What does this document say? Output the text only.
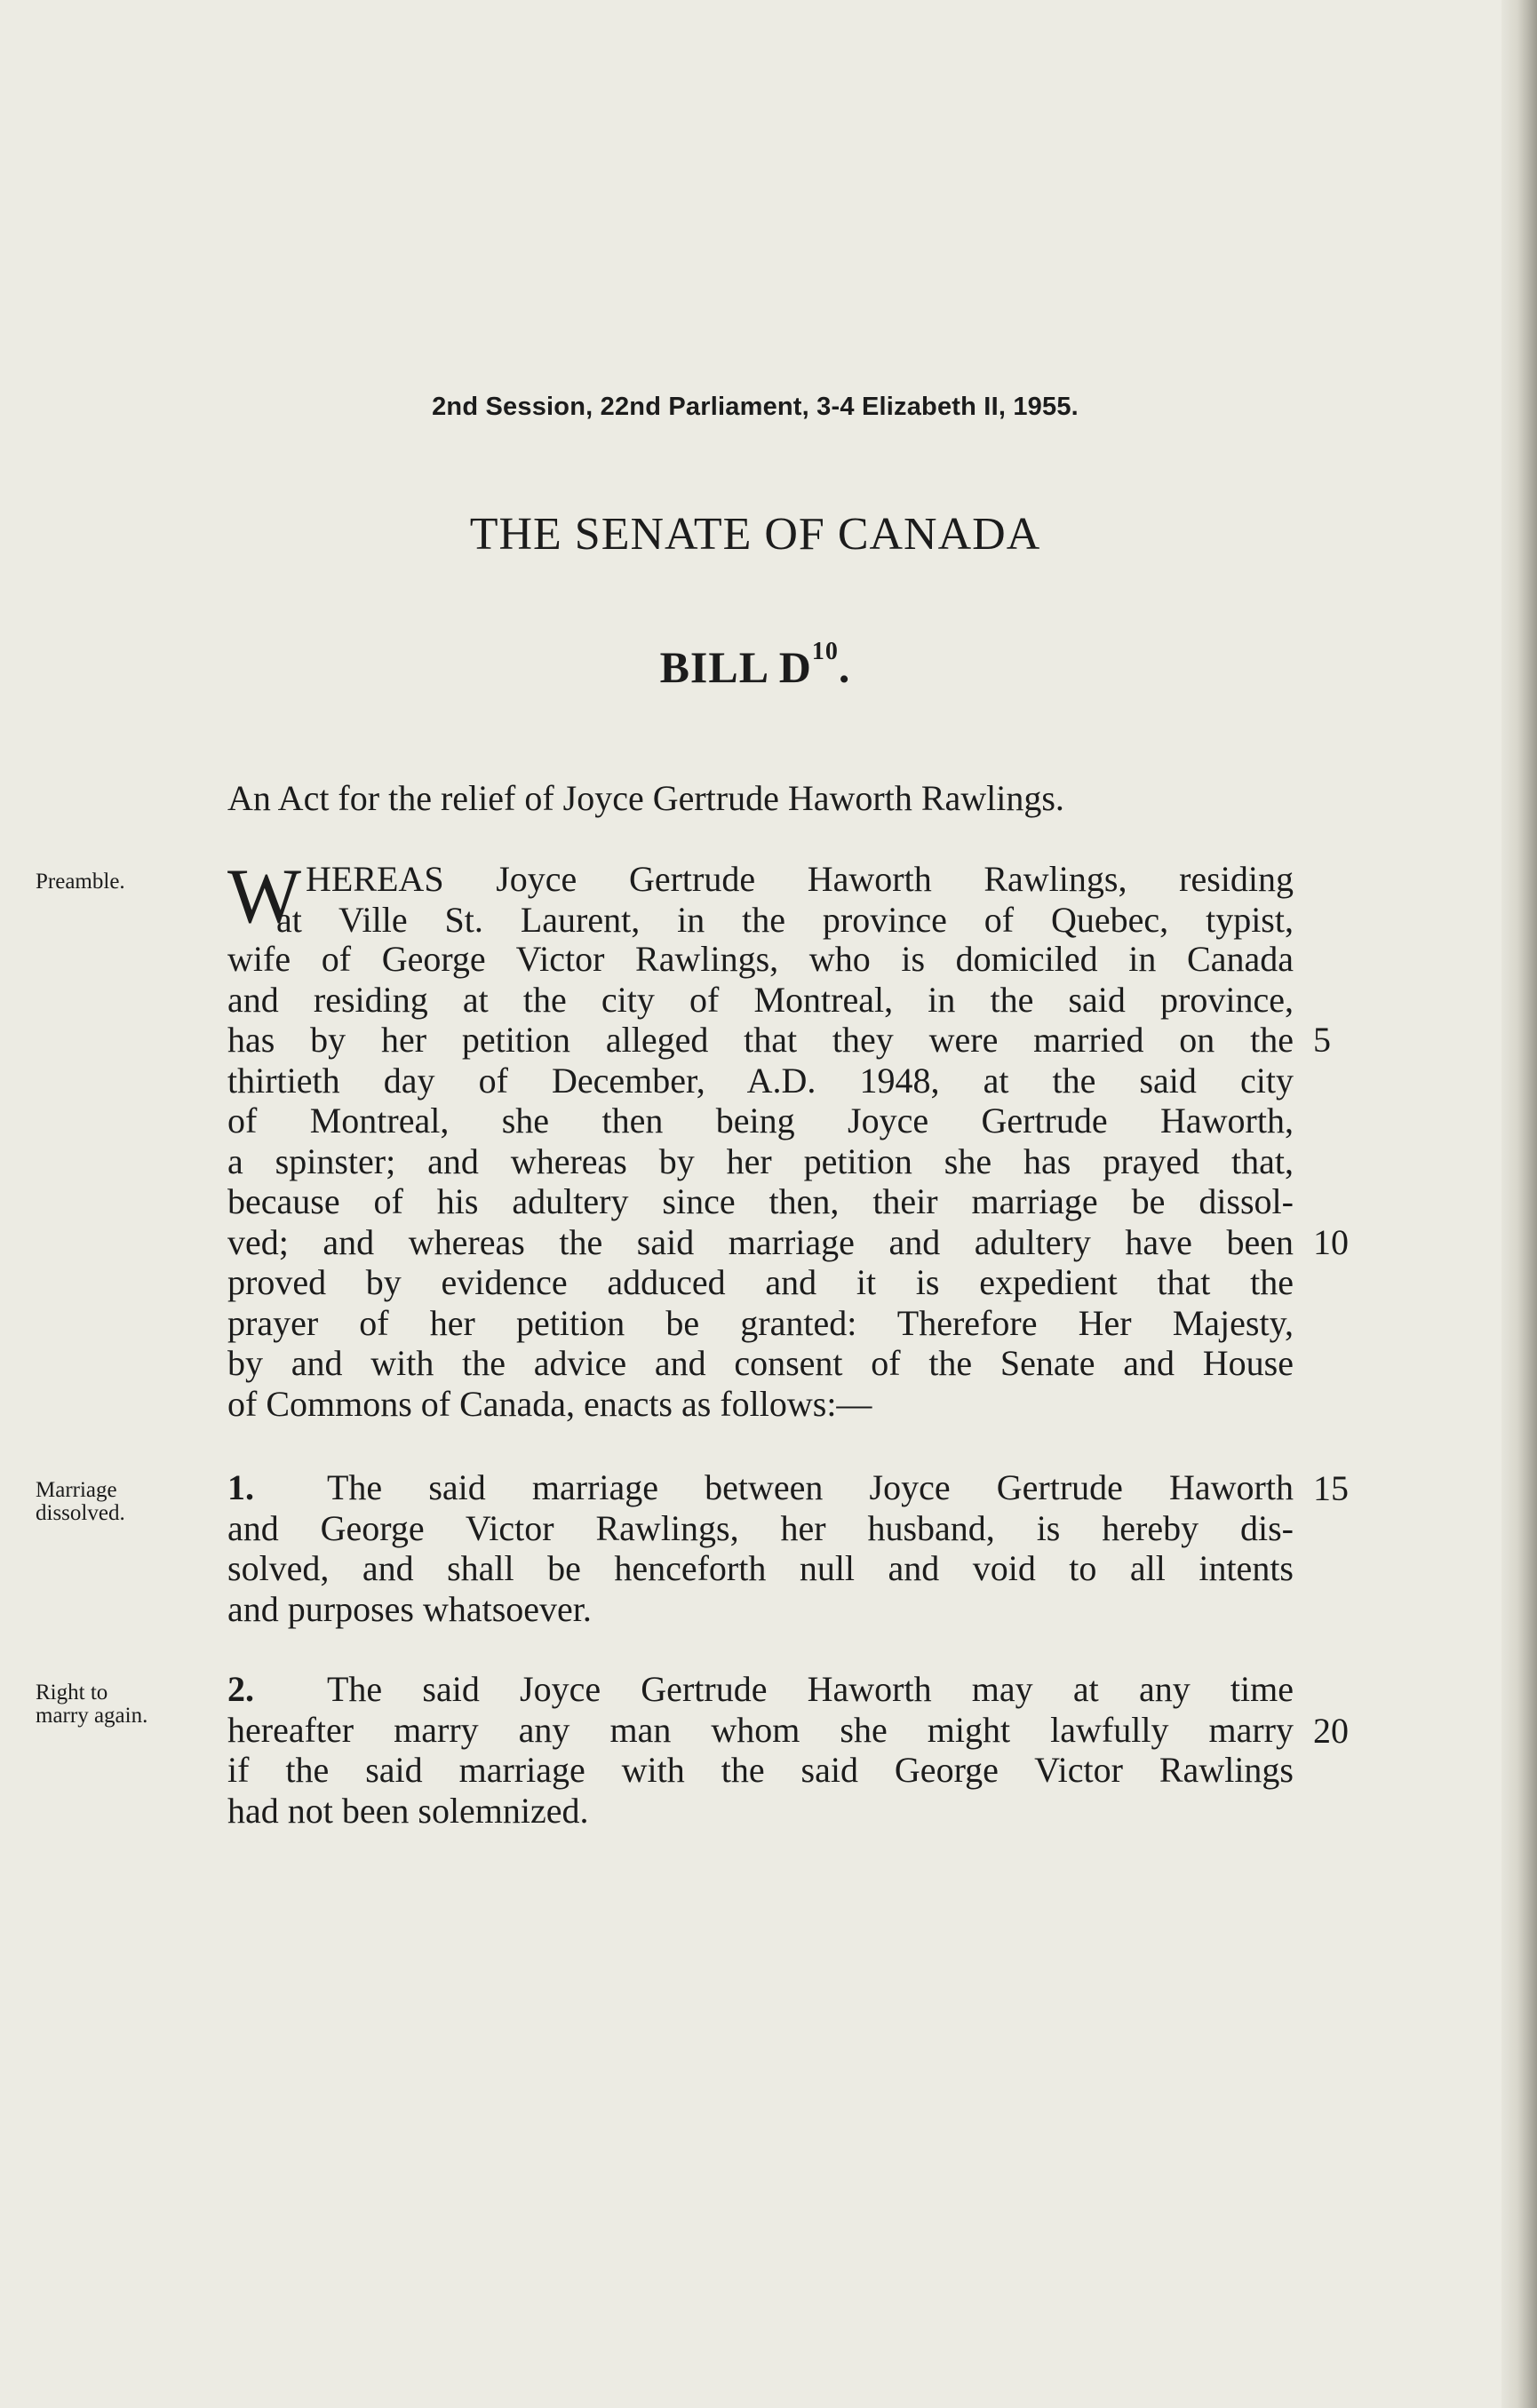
2nd Session, 22nd Parliament, 3-4 Elizabeth II, 1955.
THE SENATE OF CANADA
BILL $D^{10}$.
An Act for the relief of Joyce Gertrude Haworth Rawlings.
Preamble. W HEREAS Joyce Gertrude Haworth Rawlings, residing
at Ville St. Laurent, in the province of Quebec, typist,
wife of George Victor Rawlings, who is domiciled in Canada
and residing at the city of Montreal, in the said province,
has by her petition alleged that they were married on the
thirtieth day of December, A.D. 1948, at the said city
of Montreal, she then being Joyce Gertrude Haworth,
a spinster; and whereas by her petition she has prayed that,
because of his adultery since then, their marriage be dissol-
ved; and whereas the said marriage and adultery have been
proved by evidence adduced and it is expedient that the
prayer of her petition be granted: Therefore Her Majesty,
by and with the advice and consent of the Senate and House
of Commons of Canada, enacts as follows:—
Marriage
dissolved.
1. The said marriage between Joyce Gertrude Haworth
and George Victor Rawlings, her husband, is hereby dis-
solved, and shall be henceforth null and void to all intents
and purposes whatsoever.
Right to
marry again.
2. The said Joyce Gertrude Haworth may at any time
hereafter marry any man whom she might lawfully marry
if the said marriage with the said George Victor Rawlings
had not been solemnized.
5
10
15
20
